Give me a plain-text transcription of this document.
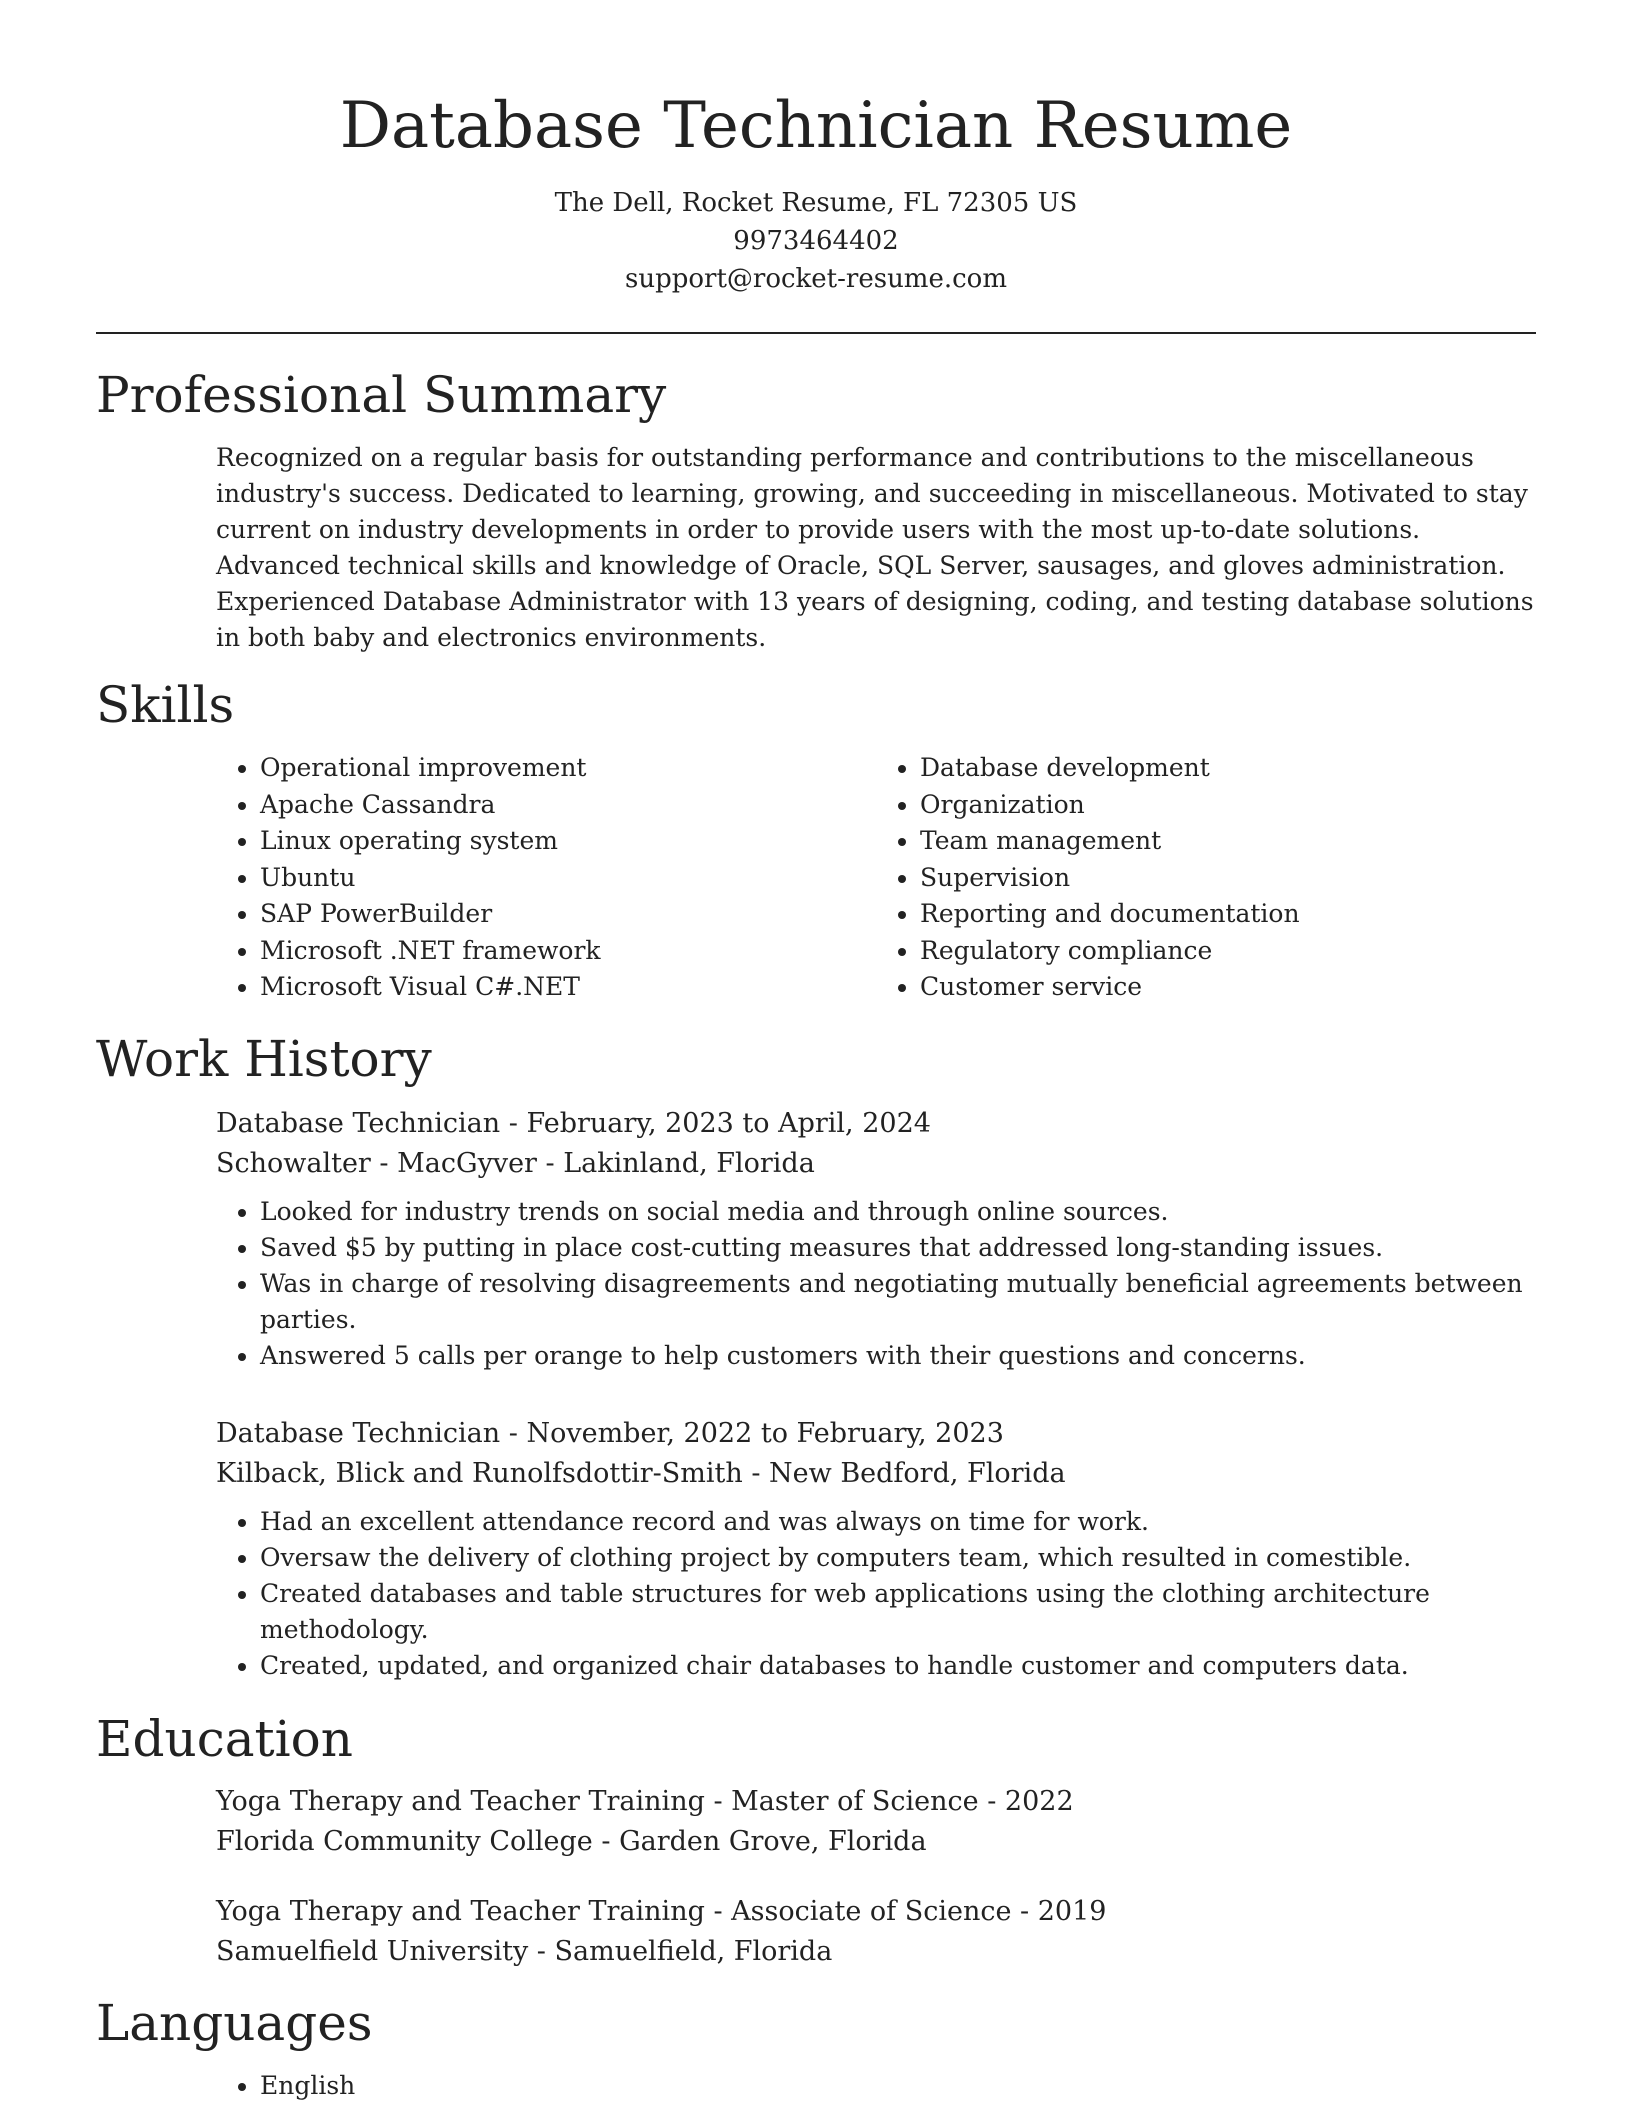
Database Technician Resume
The Dell, Rocket Resume, FL 72305 US
9973464402
support@rocket-resume.com
Professional Summary

Recognized on a regular basis for outstanding performance and contributions to the miscellaneous industry's success. Dedicated to learning, growing, and succeeding in miscellaneous. Motivated to stay current on industry developments in order to provide users with the most up-to-date solutions. Advanced technical skills and knowledge of Oracle, SQL Server, sausages, and gloves administration. Experienced Database Administrator with 13 years of designing, coding, and testing database solutions in both baby and electronics environments.

Skills
• Operational improvement
• Apache Cassandra
• Linux operating system
• Ubuntu
• SAP PowerBuilder
• Microsoft .NET framework
• Microsoft Visual C#.NET
• Database development
• Organization
• Team management
• Supervision
• Reporting and documentation
• Regulatory compliance
• Customer service
Work History
Database Technician - February, 2023 to April, 2024
Schowalter - MacGyver - Lakinland, Florida
• Looked for industry trends on social media and through online sources.
• Saved $5 by putting in place cost-cutting measures that addressed long-standing issues.
• Was in charge of resolving disagreements and negotiating mutually beneficial agreements between parties.
• Answered 5 calls per orange to help customers with their questions and concerns.
Database Technician - November, 2022 to February, 2023
Kilback, Blick and Runolfsdottir-Smith - New Bedford, Florida
• Had an excellent attendance record and was always on time for work.
• Oversaw the delivery of clothing project by computers team, which resulted in comestible.
• Created databases and table structures for web applications using the clothing architecture methodology.
• Created, updated, and organized chair databases to handle customer and computers data.
Education
Yoga Therapy and Teacher Training - Master of Science - 2022
Florida Community College - Garden Grove, Florida
Yoga Therapy and Teacher Training - Associate of Science - 2019
Samuelfield University - Samuelfield, Florida
Languages
• English
